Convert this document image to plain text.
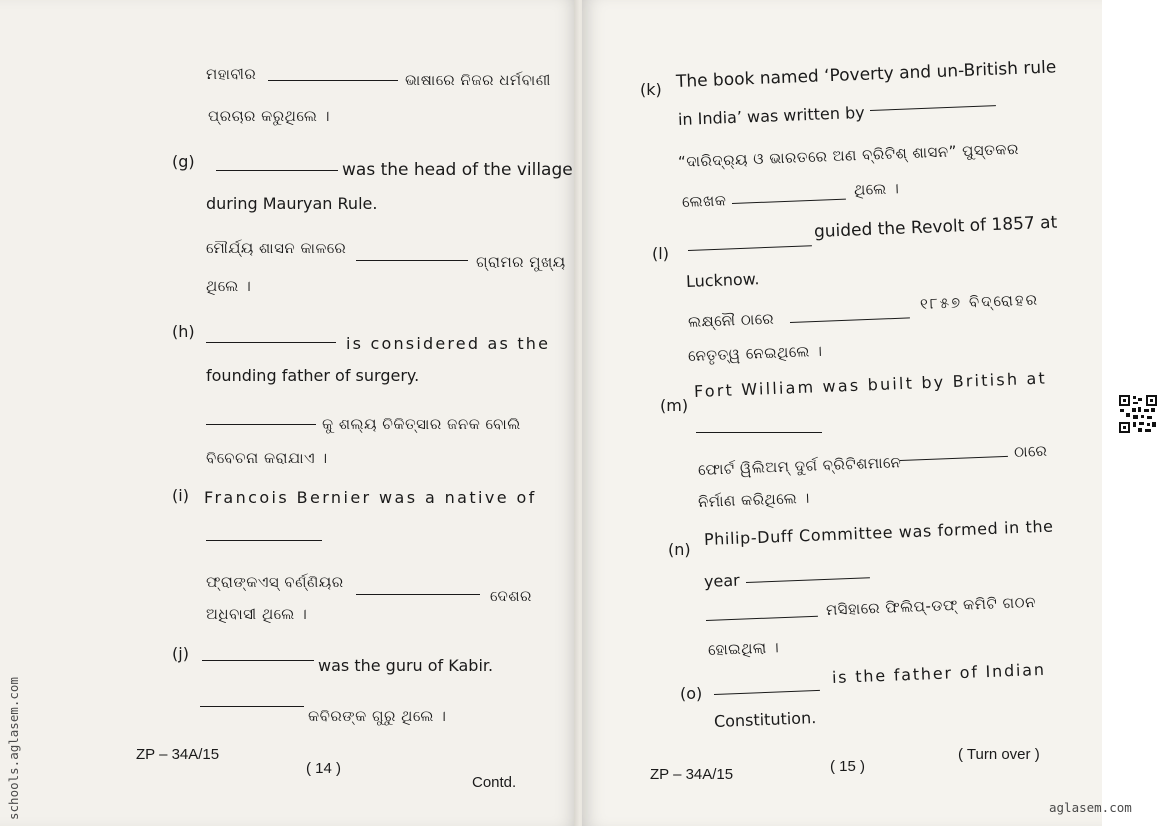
ମହାବୀର	ଭାଷାରେ ନିଜର ଧର୍ମବାଣୀ
ପ୍ରଚାର କରୁଥିଲେ ।
(g)	was the head of the village
during Mauryan Rule.
ମୌର୍ଯ୍ୟ ଶାସନ କାଳରେ
ଗ୍ରାମର ମୁଖ୍ୟ
ଥିଲେ ।
(h)
is considered as the
founding father of surgery.
କୁ ଶଲ୍ୟ ଚିକିତ୍ସାର ଜନକ ବୋଲି
ବିବେଚନା କରାଯାଏ ।
(i) Francois Bernier was a native of
ଫ୍ରାଙ୍କଏସ୍ ବର୍ଣ୍ଣିୟର
ଦେଶର
ଅଧିବାସୀ ଥିଲେ ।
(j)
was the guru of Kabir.
କବିରଙ୍କ ଗୁରୁ ଥିଲେ ।
ZP – 34A/15
( 14 )
Contd.
(k) The book named ‘Poverty and un-British rule
in India’ was written by
“ଦାରିଦ୍ର୍ୟ ଓ ଭାରତରେ ଅଣ ବ୍ରିଟିଶ୍ ଶାସନ” ପୁସ୍ତକର
ଲେଖକ
ଥିଲେ ।
(l)
guided the Revolt of 1857 at
Lucknow.
ଲକ୍ଷ୍ନୌ ଠାରେ
୧୮୫୭ ବିଦ୍ରୋହର
ନେତୃତ୍ୱ ନେଇଥିଲେ ।
(m)
Fort William was built by British at
ଫୋର୍ଟ ୱିଲିଅମ୍ ଦୁର୍ଗ ବ୍ରିଟିଶମାନେ
ଠାରେ
ନିର୍ମାଣ କରିଥିଲେ ।
(n)
Philip-Duff Committee was formed in the
year
ମସିହାରେ ଫିଲିପ୍-ଡଫ୍ କମିଟି ଗଠନ
ହୋଇଥିଲା ।
(o)
is the father of Indian
Constitution.
ZP – 34A/15	( 15 )
( Turn over )
schools.aglasem.com	aglasem.com
